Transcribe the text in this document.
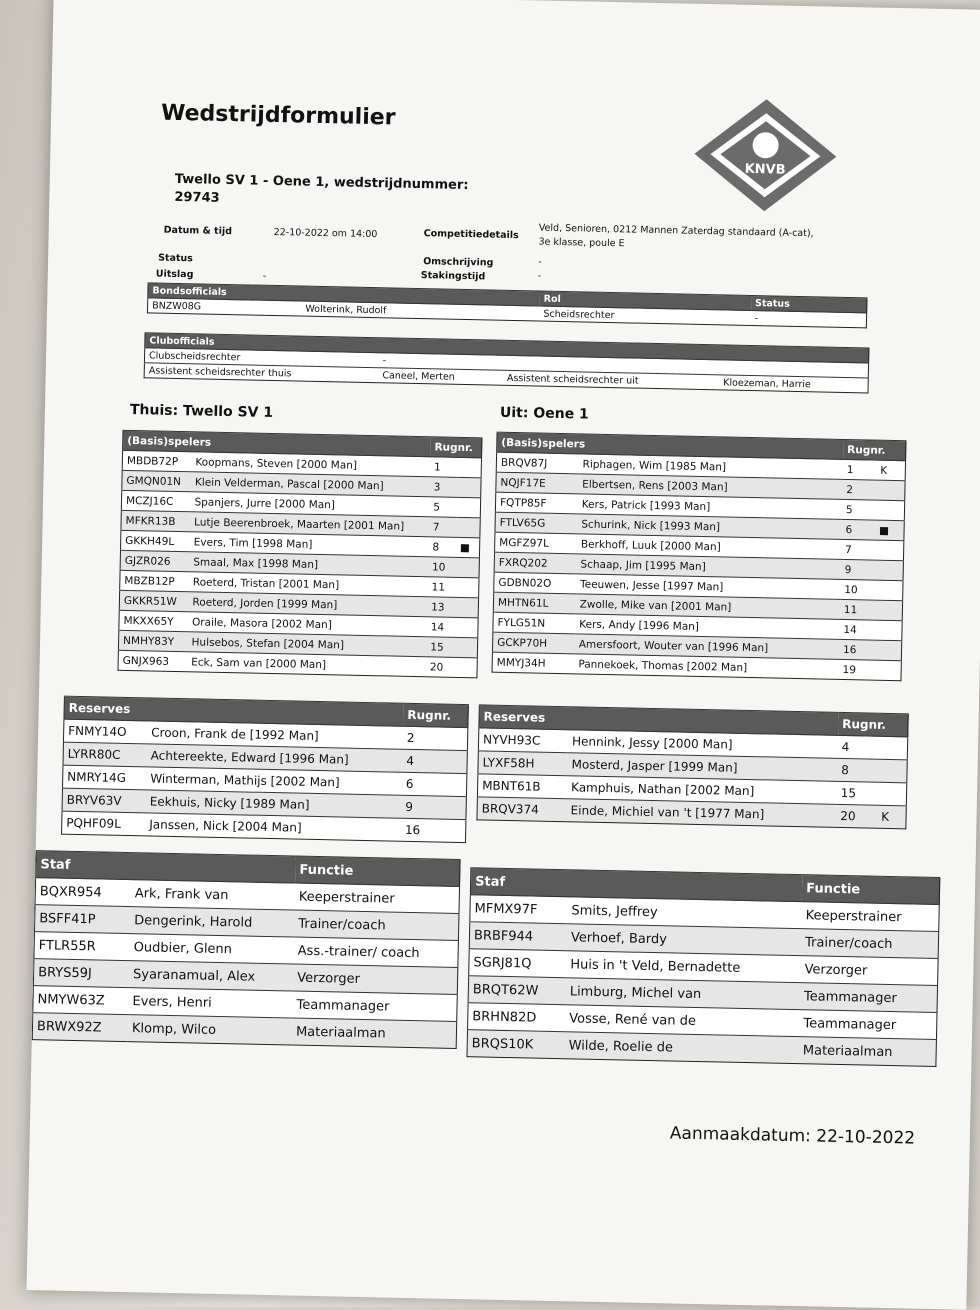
Wedstrijdformulier
KNVB
Twello SV 1 - Oene 1, wedstrijdnummer:
29743
Datum & tijd	22-10-2022 om 14:00
Status
Uitslag	-
Competitiedetails Veld, Senioren, 0212 Mannen Zaterdag standaard (A-cat),
3e klasse, poule E
Omschrijving	-
Stakingstijd	-
Bondsofficials		Rol	Status
BNZW08G	Wolterink, Rudolf	Scheidsrechter	-
Clubofficials			
Clubscheidsrechter	-		
Assistent scheidsrechter thuis	Caneel, Merten	Assistent scheidsrechter uit	Kloezeman, Harrie
Thuis: Twello SV 1	Uit: Oene 1
(Basis)spelers		Rugnr.	
MBDB72P	Koopmans, Steven [2000 Man]	1	
GMQN01N	Klein Velderman, Pascal [2000 Man]	3	
MCZJ16C	Spanjers, Jurre [2000 Man]	5	
MFKR13B	Lutje Beerenbroek, Maarten [2001 Man]	7	
GKKH49L	Evers, Tim [1998 Man]	8	■
GJZR026	Smaal, Max [1998 Man]	10	
MBZB12P	Roeterd, Tristan [2001 Man]	11	
GKKR51W	Roeterd, Jorden [1999 Man]	13	
MKXX65Y	Oraile, Masora [2002 Man]	14	
NMHY83Y	Hulsebos, Stefan [2004 Man]	15	
GNJX963	Eck, Sam van [2000 Man]	20	
(Basis)spelers		Rugnr.	
BRQV87J	Riphagen, Wim [1985 Man]	1	K
NQJF17E	Elbertsen, Rens [2003 Man]	2	
FQTP85F	Kers, Patrick [1993 Man]	5	
FTLV65G	Schurink, Nick [1993 Man]	6	■
MGFZ97L	Berkhoff, Luuk [2000 Man]	7	
FXRQ202	Schaap, Jim [1995 Man]	9	
GDBN02O	Teeuwen, Jesse [1997 Man]	10	
MHTN61L	Zwolle, Mike van [2001 Man]	11	
FYLG51N	Kers, Andy [1996 Man]	14	
GCKP70H	Amersfoort, Wouter van [1996 Man]	16	
MMYJ34H	Pannekoek, Thomas [2002 Man]	19	
Reserves		Rugnr.
FNMY14O	Croon, Frank de [1992 Man]	2
LYRR80C	Achtereekte, Edward [1996 Man]	4
NMRY14G	Winterman, Mathijs [2002 Man]	6
BRYV63V	Eekhuis, Nicky [1989 Man]	9
PQHF09L	Janssen, Nick [2004 Man]	16
Reserves		Rugnr.	
NYVH93C	Hennink, Jessy [2000 Man]	4	
LYXF58H	Mosterd, Jasper [1999 Man]	8	
MBNT61B	Kamphuis, Nathan [2002 Man]	15	
BRQV374	Einde, Michiel van 't [1977 Man]	20	K
Staf		Functie
BQXR954	Ark, Frank van	Keeperstrainer
BSFF41P	Dengerink, Harold	Trainer/coach
FTLR55R	Oudbier, Glenn	Ass.-trainer/ coach
BRYS59J	Syaranamual, Alex	Verzorger
NMYW63Z	Evers, Henri	Teammanager
BRWX92Z	Klomp, Wilco	Materiaalman
Staf		Functie
MFMX97F	Smits, Jeffrey	Keeperstrainer
BRBF944	Verhoef, Bardy	Trainer/coach
SGRJ81Q	Huis in 't Veld, Bernadette	Verzorger
BRQT62W	Limburg, Michel van	Teammanager
BRHN82D	Vosse, René van de	Teammanager
BRQS10K	Wilde, Roelie de	Materiaalman
Aanmaakdatum: 22-10-2022
